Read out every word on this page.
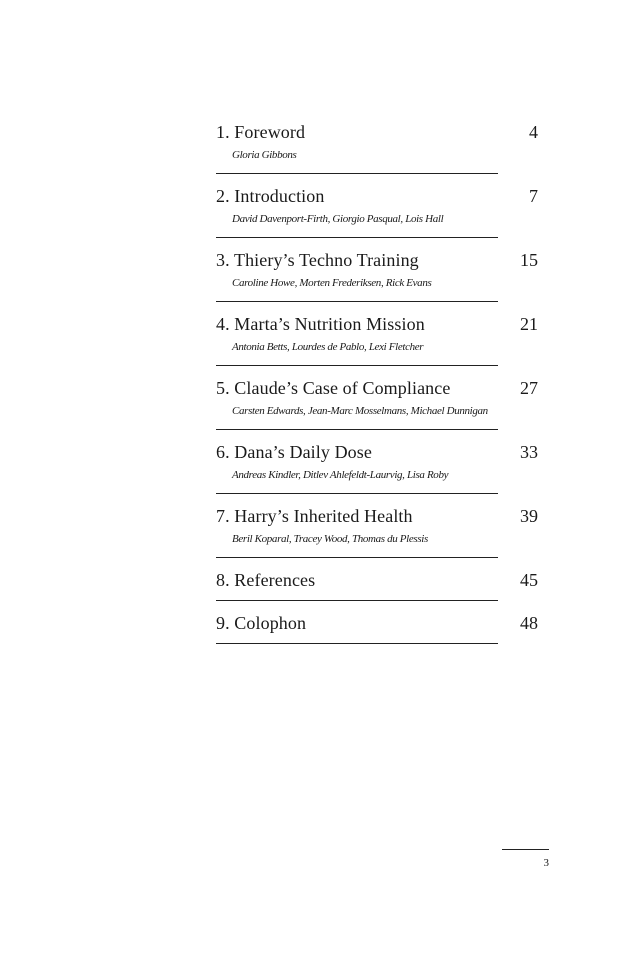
1. Foreword	4
Gloria Gibbons
2. Introduction	7
David Davenport-Firth, Giorgio Pasqual, Lois Hall
3. Thiery’s Techno Training	15
Caroline Howe, Morten Frederiksen, Rick Evans
4. Marta’s Nutrition Mission	21
Antonia Betts, Lourdes de Pablo, Lexi Fletcher
5. Claude’s Case of Compliance	27
Carsten Edwards, Jean-Marc Mosselmans, Michael Dunnigan
6. Dana’s Daily Dose	33
Andreas Kindler, Ditlev Ahlefeldt-Laurvig, Lisa Roby
7. Harry’s Inherited Health	39
Beril Koparal, Tracey Wood, Thomas du Plessis
8. References	45
9. Colophon	48
3
